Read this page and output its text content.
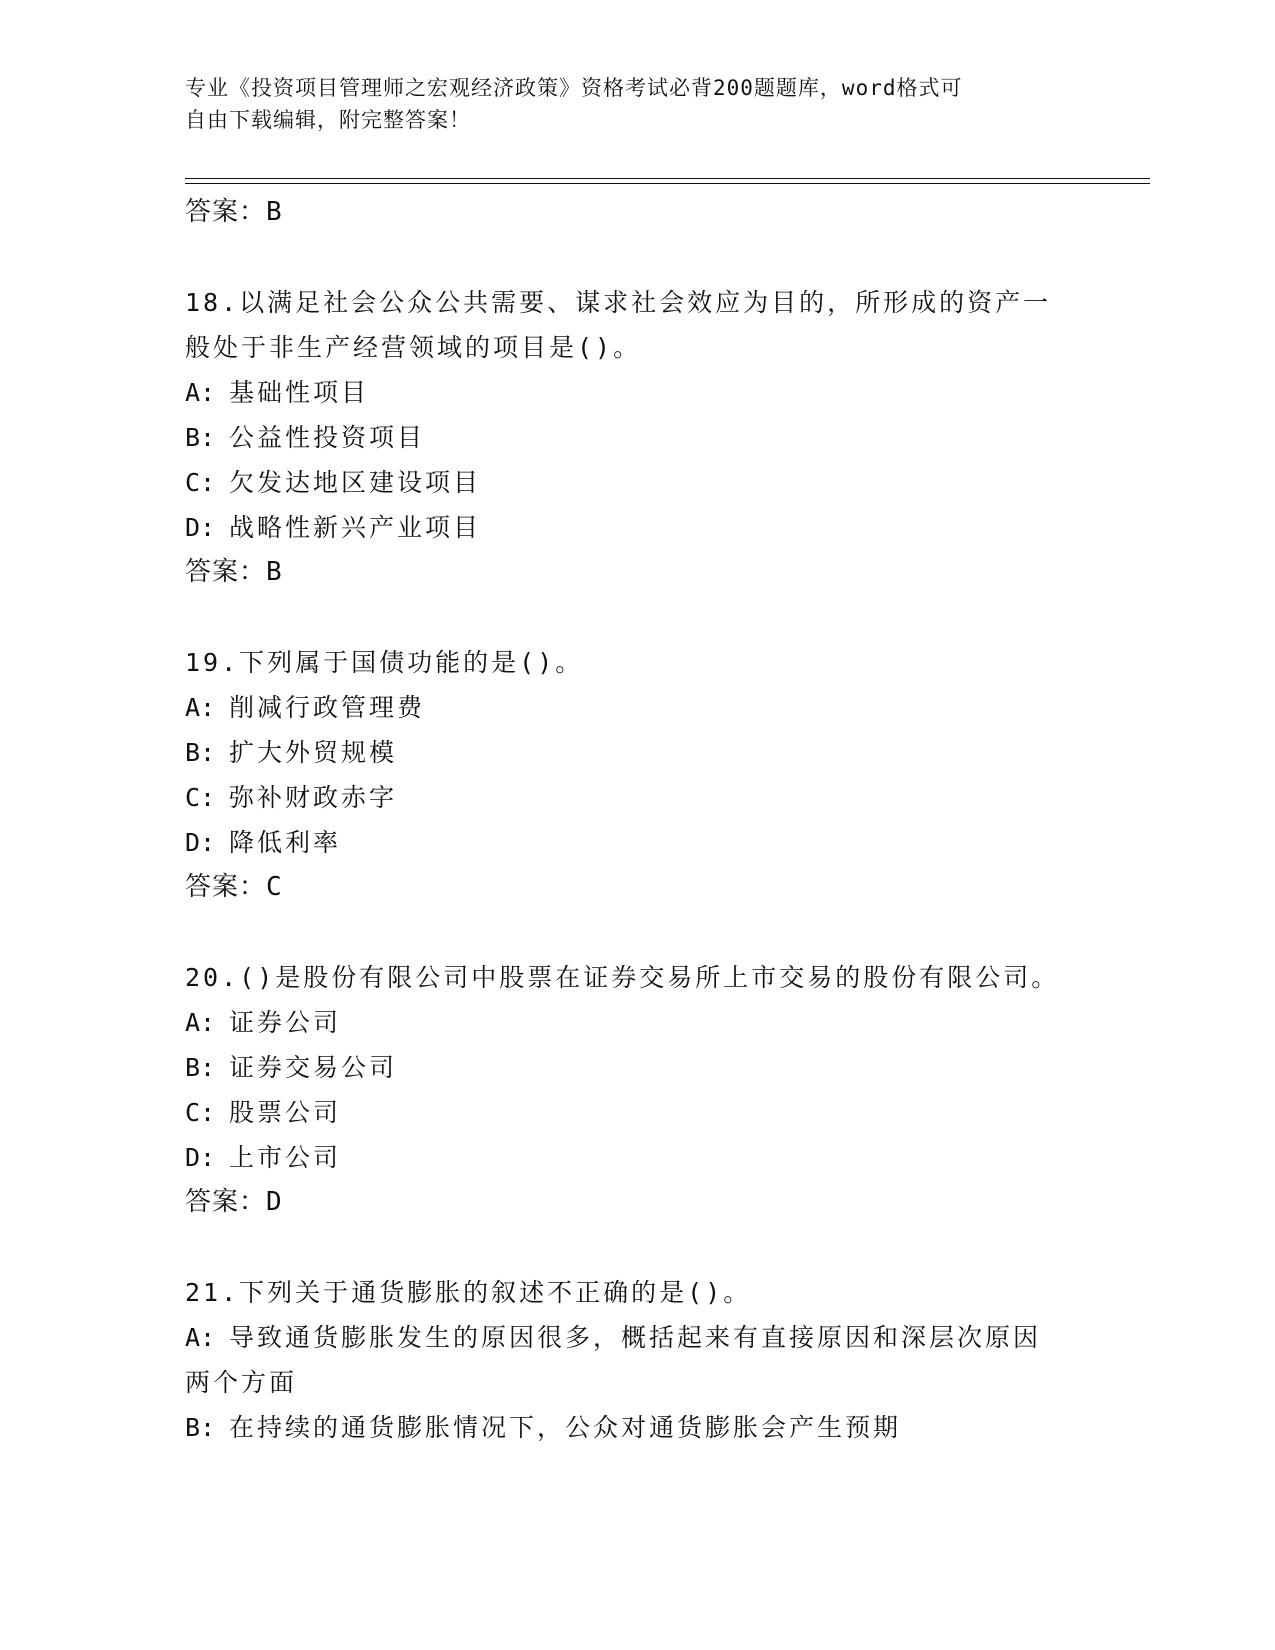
专业《投资项目管理师之宏观经济政策》资格考试必背200题题库，word格式可
自由下载编辑，附完整答案！
答案：B
18.以满足社会公众公共需要、谋求社会效应为目的，所形成的资产一
般处于非生产经营领域的项目是()。
A: 基础性项目
B: 公益性投资项目
C: 欠发达地区建设项目
D: 战略性新兴产业项目
答案：B
19.下列属于国债功能的是()。
A: 削减行政管理费
B: 扩大外贸规模
C: 弥补财政赤字
D: 降低利率
答案：C
20.()是股份有限公司中股票在证券交易所上市交易的股份有限公司。
A: 证券公司
B: 证券交易公司
C: 股票公司
D: 上市公司
答案：D
21.下列关于通货膨胀的叙述不正确的是()。
A: 导致通货膨胀发生的原因很多，概括起来有直接原因和深层次原因
两个方面
B: 在持续的通货膨胀情况下，公众对通货膨胀会产生预期
